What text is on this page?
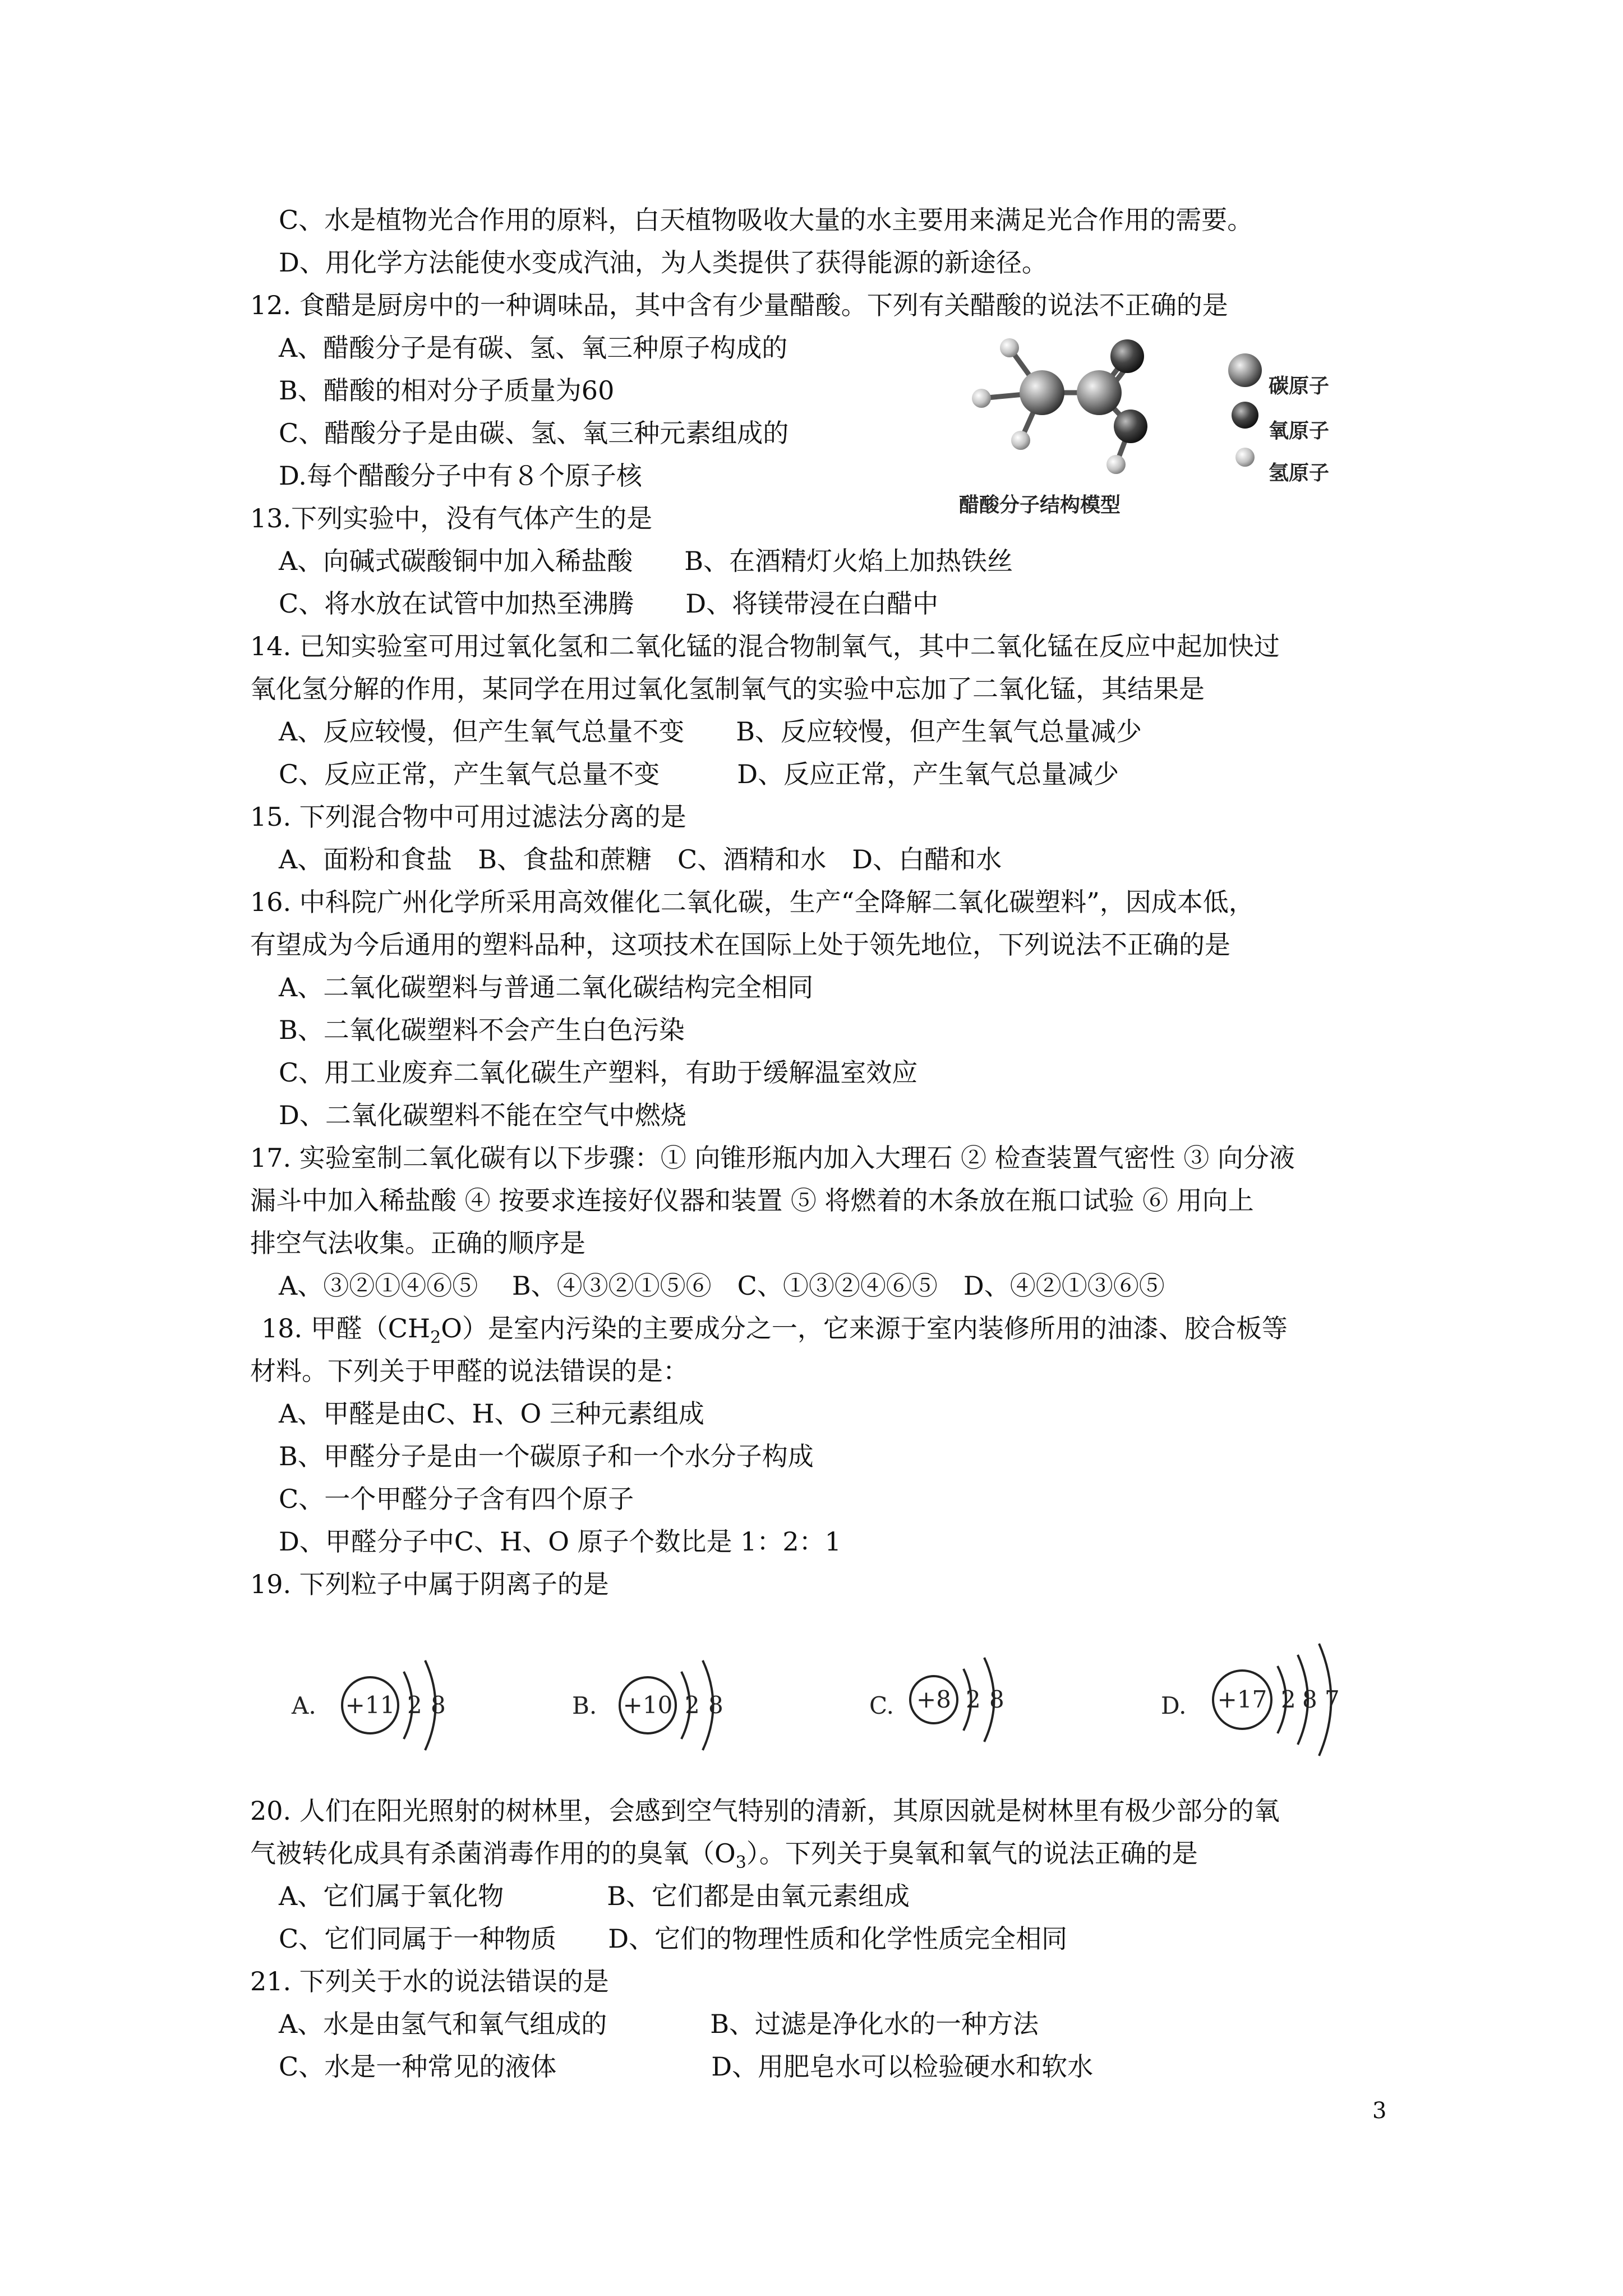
C、水是植物光合作用的原料，白天植物吸收大量的水主要用来满足光合作用的需要。
D、用化学方法能使水变成汽油，为人类提供了获得能源的新途径。
12. 食醋是厨房中的一种调味品，其中含有少量醋酸。下列有关醋酸的说法不正确的是
A、醋酸分子是有碳、氢、氧三种原子构成的
B、醋酸的相对分子质量为60
C、醋酸分子是由碳、氢、氧三种元素组成的
D.每个醋酸分子中有８个原子核
13.下列实验中，没有气体产生的是
A、向碱式碳酸铜中加入稀盐酸　　B、在酒精灯火焰上加热铁丝
C、将水放在试管中加热至沸腾　　D、将镁带浸在白醋中
14. 已知实验室可用过氧化氢和二氧化锰的混合物制氧气，其中二氧化锰在反应中起加快过
氧化氢分解的作用，某同学在用过氧化氢制氧气的实验中忘加了二氧化锰，其结果是
A、反应较慢，但产生氧气总量不变　　B、反应较慢，但产生氧气总量减少
C、反应正常，产生氧气总量不变　　　D、反应正常，产生氧气总量减少
15. 下列混合物中可用过滤法分离的是
A、面粉和食盐　B、食盐和蔗糖　C、酒精和水　D、白醋和水
16. 中科院广州化学所采用高效催化二氧化碳，生产“全降解二氧化碳塑料”，因成本低，
有望成为今后通用的塑料品种，这项技术在国际上处于领先地位，下列说法不正确的是
A、二氧化碳塑料与普通二氧化碳结构完全相同
B、二氧化碳塑料不会产生白色污染
C、用工业废弃二氧化碳生产塑料，有助于缓解温室效应
D、二氧化碳塑料不能在空气中燃烧
17. 实验室制二氧化碳有以下步骤：① 向锥形瓶内加入大理石 ② 检查装置气密性 ③ 向分液
漏斗中加入稀盐酸 ④ 按要求连接好仪器和装置 ⑤ 将燃着的木条放在瓶口试验 ⑥ 用向上
排空气法收集。正确的顺序是
A、③②①④⑥⑤　 B、④③②①⑤⑥　C、①③②④⑥⑤　D、④②①③⑥⑤
18. 甲醛$(CH_2O)$是室内污染的主要成分之一，它来源于室内装修所用的油漆、胶合板等
材料。下列关于甲醛的说法错误的是：
A、甲醛是由C、H、O 三种元素组成
B、甲醛分子是由一个碳原子和一个水分子构成
C、一个甲醛分子含有四个原子
D、甲醛分子中C、H、O 原子个数比是 1：2：1
19. 下列粒子中属于阴离子的是
20. 人们在阳光照射的树林里，会感到空气特别的清新，其原因就是树林里有极少部分的氧
气被转化成具有杀菌消毒作用的的臭氧$(O_3)$。下列关于臭氧和氧气的说法正确的是
A、它们属于氧化物　　　　B、它们都是由氧元素组成
C、它们同属于一种物质　　D、它们的物理性质和化学性质完全相同
21. 下列关于水的说法错误的是
A、水是由氢气和氧气组成的　　　　B、过滤是净化水的一种方法
C、水是一种常见的液体　　　　　　D、用肥皂水可以检验硬水和软水
3
碳原子
氧原子
氢原子
醋酸分子结构模型
A. +11 2 8	B. +10 2 8	C. +8 2 8	D. +17 2 8 7
